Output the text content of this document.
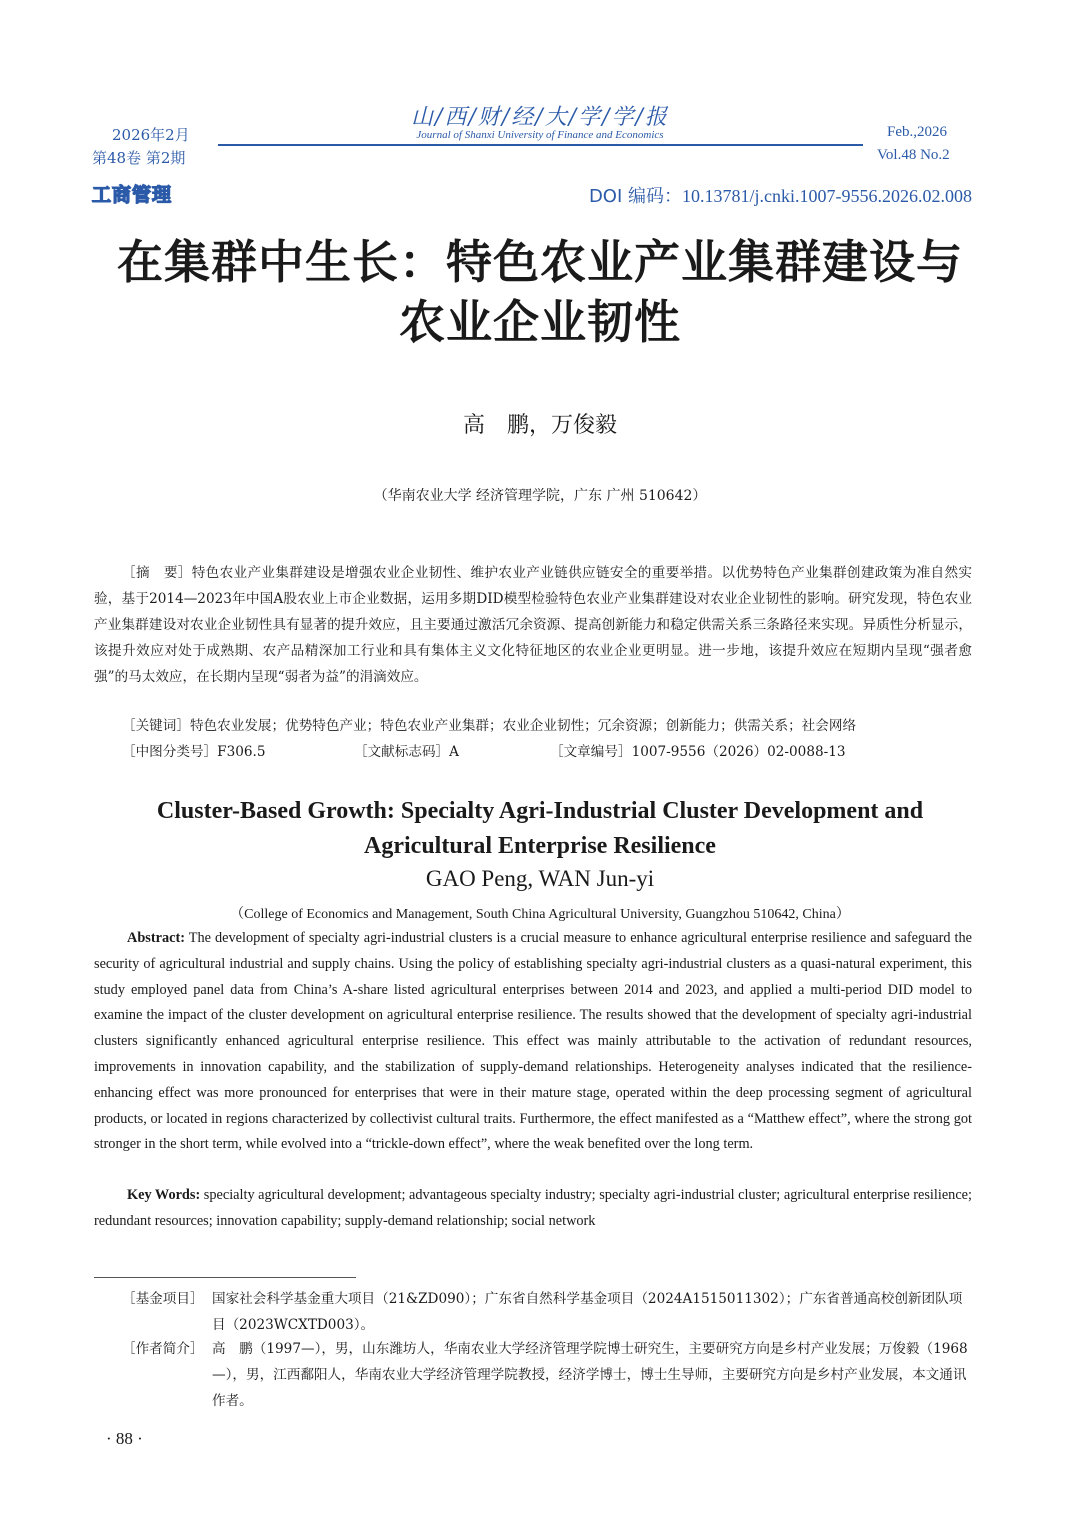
山/西/财/经/大/学/学/报
Journal of Shanxi University of Finance and Economics
2026年2月
第48卷 第2期
Feb.,2026
Vol.48 No.2
工商管理	DOI 编码：10.13781/j.cnki.1007-9556.2026.02.008
在集群中生长：特色农业产业集群建设与
农业企业韧性
高　鹏，万俊毅
（华南农业大学 经济管理学院，广东 广州 510642）
［摘　要］特色农业产业集群建设是增强农业企业韧性、维护农业产业链供应链安全的重要举措。以优势特色产业集群创建政策为准自然实验，基于2014—2023年中国A股农业上市企业数据，运用多期DID模型检验特色农业产业集群建设对农业企业韧性的影响。研究发现，特色农业产业集群建设对农业企业韧性具有显著的提升效应，且主要通过激活冗余资源、提高创新能力和稳定供需关系三条路径来实现。异质性分析显示，该提升效应对处于成熟期、农产品精深加工行业和具有集体主义文化特征地区的农业企业更明显。进一步地，该提升效应在短期内呈现“强者愈强”的马太效应，在长期内呈现“弱者为益”的涓滴效应。
［关键词］特色农业发展；优势特色产业；特色农业产业集群；农业企业韧性；冗余资源；创新能力；供需关系；社会网络
［中图分类号］F306.5	［文献标志码］A	［文章编号］1007-9556（2026）02-0088-13
Cluster-Based Growth: Specialty Agri-Industrial Cluster Development and
Agricultural Enterprise Resilience
GAO Peng, WAN Jun-yi
（College of Economics and Management, South China Agricultural University, Guangzhou 510642, China）
Abstract: The development of specialty agri-industrial clusters is a crucial measure to enhance agricultural enterprise resilience and safeguard the security of agricultural industrial and supply chains. Using the policy of establishing specialty agri-industrial clusters as a quasi-natural experiment, this study employed panel data from China’s A-share listed agricultural enterprises between 2014 and 2023, and applied a multi-period DID model to examine the impact of the cluster development on agricultural enterprise resilience. The results showed that the development of specialty agri-industrial clusters significantly enhanced agricultural enterprise resilience. This effect was mainly attributable to the activation of redundant resources, improvements in innovation capability, and the stabilization of supply-demand relationships. Heterogeneity analyses indicated that the resilience-enhancing effect was more pronounced for enterprises that were in their mature stage, operated within the deep processing segment of agricultural products, or located in regions characterized by collectivist cultural traits. Furthermore, the effect manifested as a “Matthew effect”, where the strong got stronger in the short term, while evolved into a “trickle-down effect”, where the weak benefited over the long term.
Key Words: specialty agricultural development; advantageous specialty industry; specialty agri-industrial cluster; agricultural enterprise resilience; redundant resources; innovation capability; supply-demand relationship; social network
［基金项目］ 国家社会科学基金重大项目（21&ZD090）；广东省自然科学基金项目（2024A1515011302）；广东省普通高校创新团队项目（2023WCXTD003）。
［作者简介］ 高　鹏（1997—），男，山东潍坊人，华南农业大学经济管理学院博士研究生，主要研究方向是乡村产业发展；万俊毅（1968—），男，江西鄱阳人，华南农业大学经济管理学院教授，经济学博士，博士生导师，主要研究方向是乡村产业发展，本文通讯作者。
· 88 ·
